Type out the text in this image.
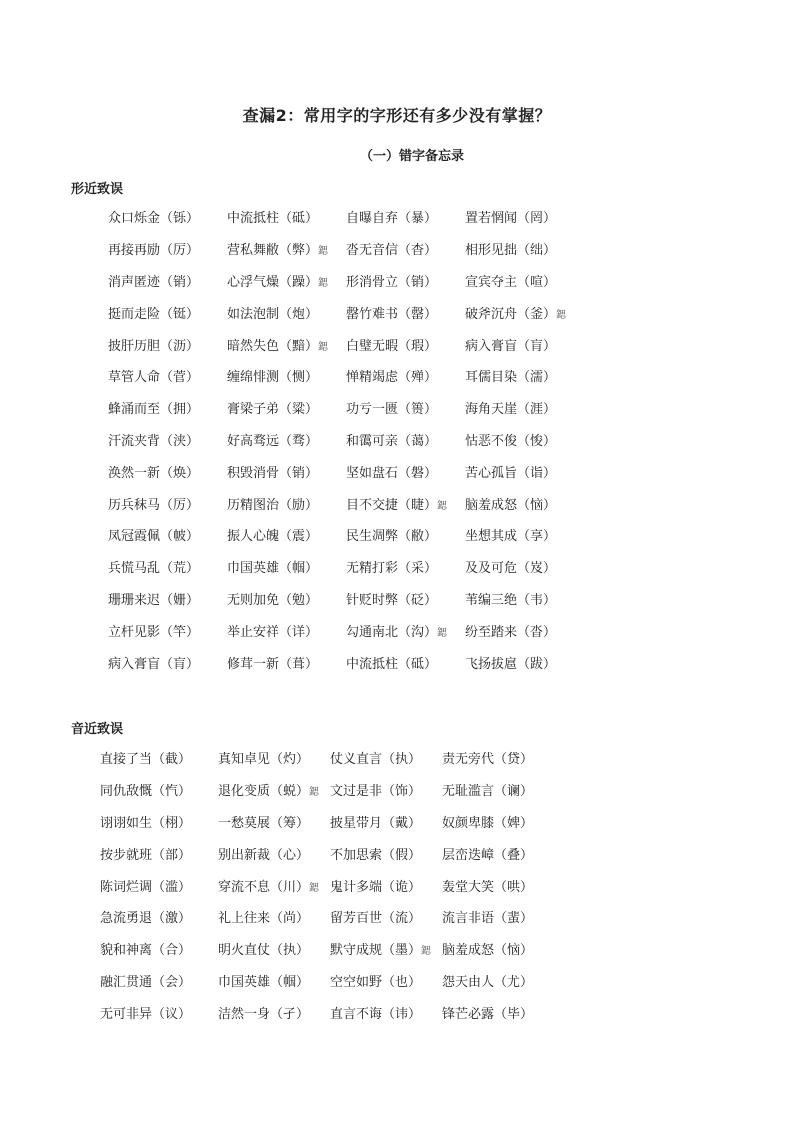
查漏2：常用字的字形还有多少没有掌握？
（一）错字备忘录
形近致误
众口烁金（铄）	中流抵柱（砥）	自曝自弃（暴）	置若惘闻（罔）
再接再励（厉）	营私舞敝（弊）鍶	沓无音信（杳）	相形见拙（绌）
消声匿迹（销）	心浮气燥（躁）鍶	形消骨立（销）	宣宾夺主（喧）
挺而走险（铤）	如法泡制（炮）	罄竹难书（罄）	破斧沉舟（釜）鍶
披肝历胆（沥）	暗然失色（黯）鍶	白璧无暇（瑕）	病入膏盲（肓）
草管人命（菅）	缠绵悱测（恻）	惮精竭虑（殚）	耳儒目染（濡）
蜂涌而至（拥）	膏梁子弟（粱）	功亏一匮（篑）	海角天崖（涯）
汗流夹背（浃）	好高骛远（骛）	和霭可亲（蔼）	怙恶不俊（悛）
涣然一新（焕）	积毁消骨（销）	坚如盘石（磐）	苦心孤旨（诣）
历兵秣马（厉）	历精图治（励）	目不交捷（睫）鍶	脑羞成怒（恼）
凤冠霞佩（帔）	振人心魄（震）	民生凋弊（敝）	坐想其成（享）
兵慌马乱（荒）	巾国英雄（帼）	无精打彩（采）	及及可危（岌）
珊珊来迟（姗）	无则加免（勉）	针贬时弊（砭）	苇编三绝（韦）
立杆见影（竿）	举止安祥（详）	勾通南北（沟）鍶	纷至踏来（沓）
病入膏盲（肓）	修茸一新（葺）	中流抵柱（砥）	飞扬拔扈（跋）
音近致误
直接了当（截）	真知卓见（灼）	仗义直言（执）	责无旁代（贷）
同仇敌慨（忾）	退化变质（蜕）鍶 文过是非（饰）	无耻滥言（谰）
诩诩如生（栩）	一愁莫展（筹）	披星带月（戴）	奴颜卑膝（婢）
按步就班（部）	别出新裁（心）	不加思索（假）	层峦迭嶂（叠）
陈词烂调（滥）	穿流不息（川）鍶 鬼计多端（诡）	轰堂大笑（哄）
急流勇退（激）	礼上往来（尚）	留芳百世（流）	流言非语（蜚）
貌和神离（合）	明火直仗（执）	默守成规（墨）鍶 脑羞成怒（恼）
融汇贯通（会）	巾国英雄（帼）	空空如野（也）	怨天由人（尤）
无可非异（议）	洁然一身（孑）	直言不诲（讳）	锋芒必露（毕）
